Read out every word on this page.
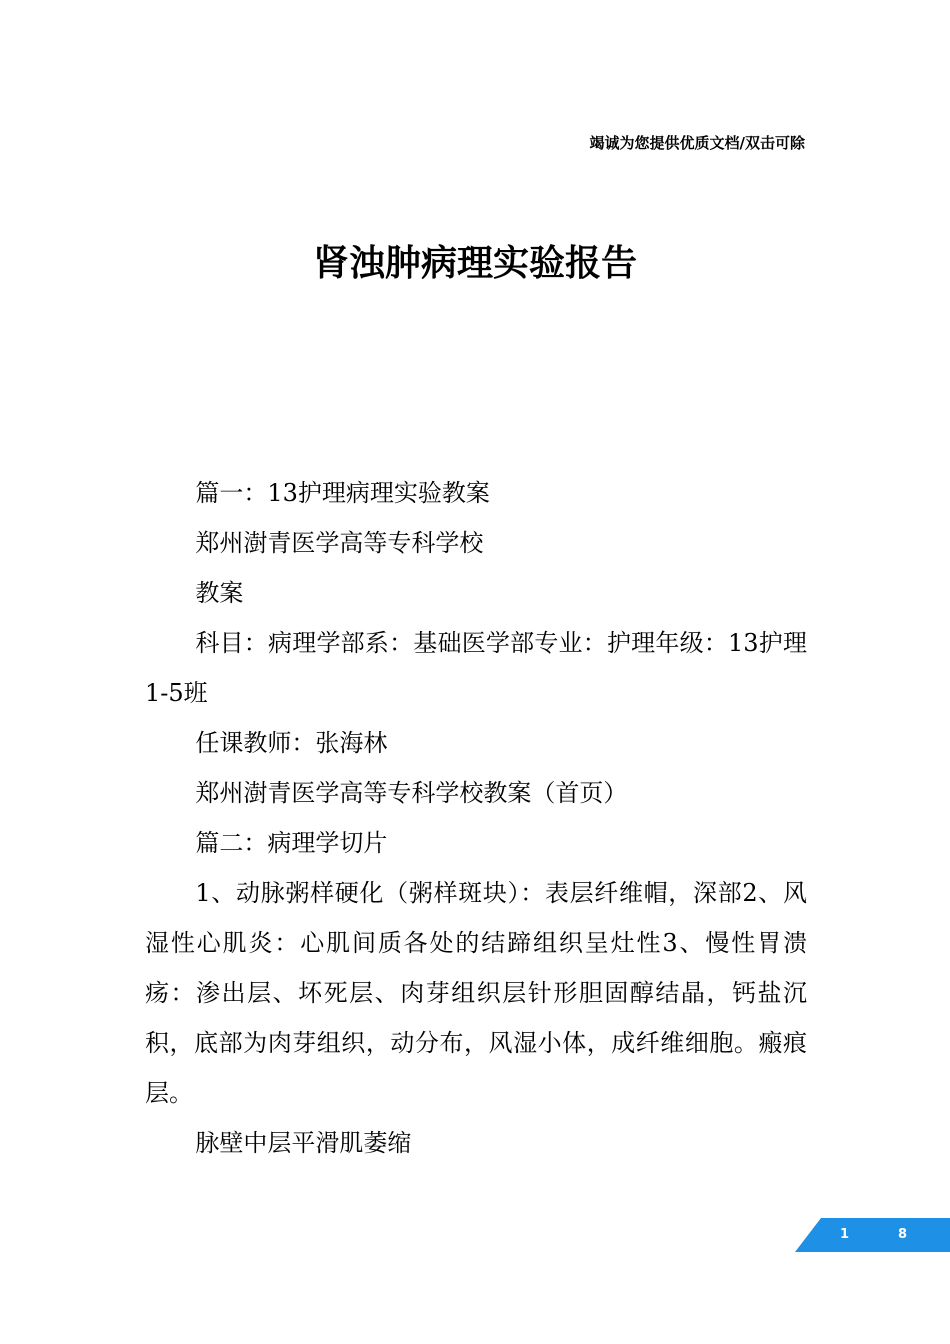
竭诚为您提供优质文档/双击可除
肾浊肿病理实验报告

篇一：13护理病理实验教案

郑州澍青医学高等专科学校

教案

科目：病理学部系：基础医学部专业：护理年级：13护理1-5班

任课教师：张海林

郑州澍青医学高等专科学校教案（首页）

篇二：病理学切片

1、动脉粥样硬化（粥样斑块）：表层纤维帽，深部2、风湿性心肌炎：心肌间质各处的结蹄组织呈灶性3、慢性胃溃疡：渗出层、坏死层、肉芽组织层针形胆固醇结晶，钙盐沉积，底部为肉芽组织，动分布，风湿小体，成纤维细胞。瘢痕层。

脉壁中层平滑肌萎缩

1	8
